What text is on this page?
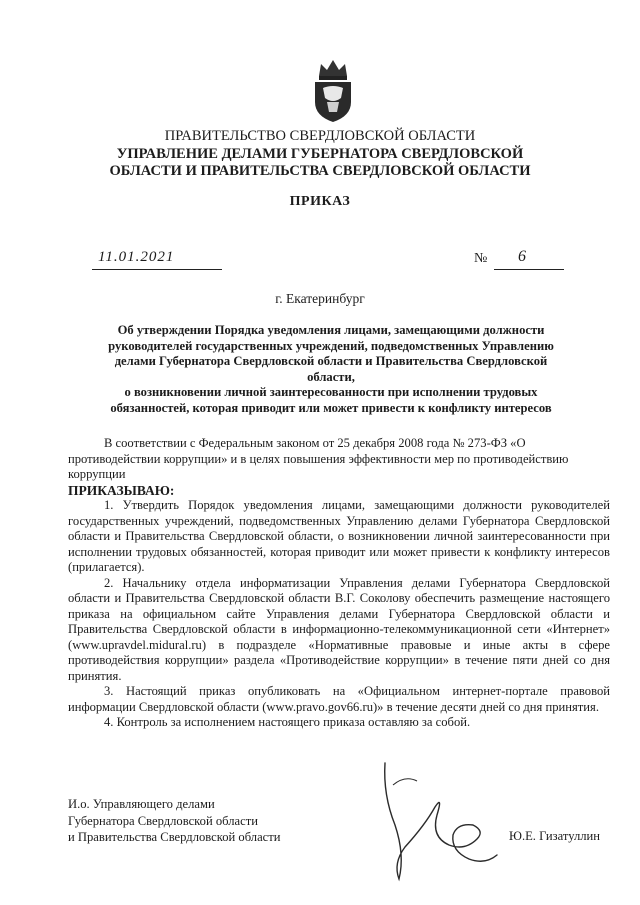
ПРАВИТЕЛЬСТВО СВЕРДЛОВСКОЙ ОБЛАСТИ
УПРАВЛЕНИЕ ДЕЛАМИ ГУБЕРНАТОРА СВЕРДЛОВСКОЙ
ОБЛАСТИ И ПРАВИТЕЛЬСТВА СВЕРДЛОВСКОЙ ОБЛАСТИ
ПРИКАЗ
11.01.2021	№ 6
г. Екатеринбург
Об утверждении Порядка уведомления лицами, замещающими должности
руководителей государственных учреждений, подведомственных Управлению
делами Губернатора Свердловской области и Правительства Свердловской области,
о возникновении личной заинтересованности при исполнении трудовых
обязанностей, которая приводит или может привести к конфликту интересов

В соответствии с Федеральным законом от 25 декабря 2008 года № 273-ФЗ «О противодействии коррупции» и в целях повышения эффективности мер по противодействию коррупции

ПРИКАЗЫВАЮ:

1. Утвердить Порядок уведомления лицами, замещающими должности руководителей государственных учреждений, подведомственных Управлению делами Губернатора Свердловской области и Правительства Свердловской области, о возникновении личной заинтересованности при исполнении трудовых обязанностей, которая приводит или может привести к конфликту интересов (прилагается).

2. Начальнику отдела информатизации Управления делами Губернатора Свердловской области и Правительства Свердловской области В.Г. Соколову обеспечить размещение настоящего приказа на официальном сайте Управления делами Губернатора Свердловской области и Правительства Свердловской области в информационно-телекоммуникационной сети «Интернет» (www.upravdel.midural.ru) в подразделе «Нормативные правовые и иные акты в сфере противодействия коррупции» раздела «Противодействие коррупции» в течение пяти дней со дня принятия.

3. Настоящий приказ опубликовать на «Официальном интернет-портале правовой информации Свердловской области (www.pravo.gov66.ru)» в течение десяти дней со дня принятия.

4. Контроль за исполнением настоящего приказа оставляю за собой.

И.о. Управляющего делами
Губернатора Свердловской области
и Правительства Свердловской области	Ю.Е. Гизатуллин
